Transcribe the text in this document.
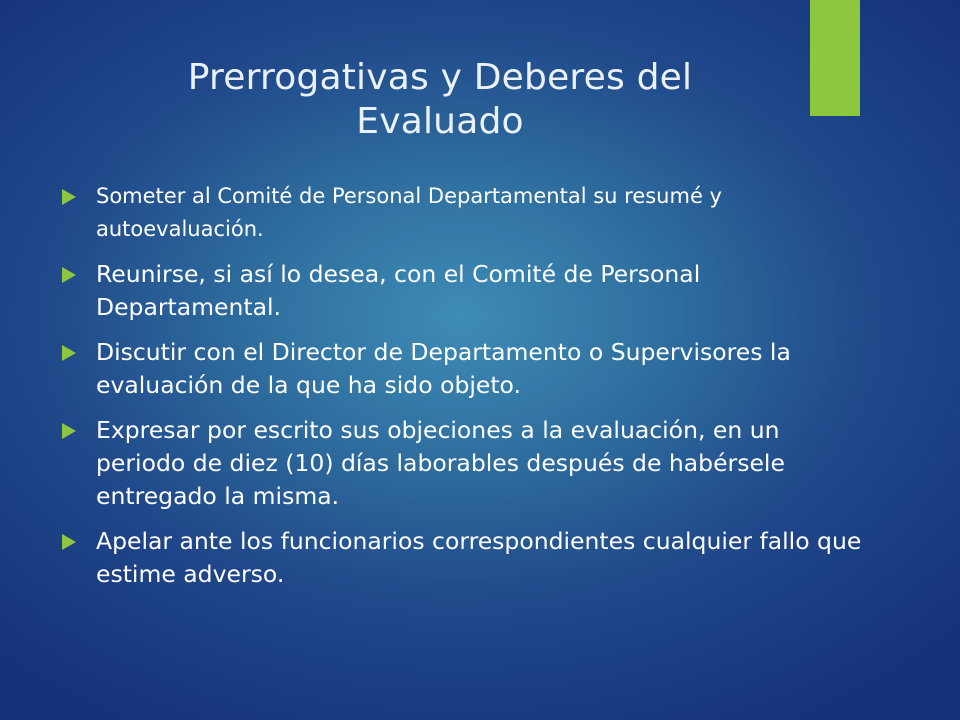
Prerrogativas y Deberes del Evaluado
Someter al Comité de Personal Departamental su resumé y autoevaluación.
Reunirse, si así lo desea, con el Comité de Personal Departamental.
Discutir con el Director de Departamento o Supervisores la evaluación de la que ha sido objeto.
Expresar por escrito sus objeciones a la evaluación, en un periodo de diez (10) días laborables después de habérsele entregado la misma.
Apelar ante los funcionarios correspondientes cualquier fallo que estime adverso.
